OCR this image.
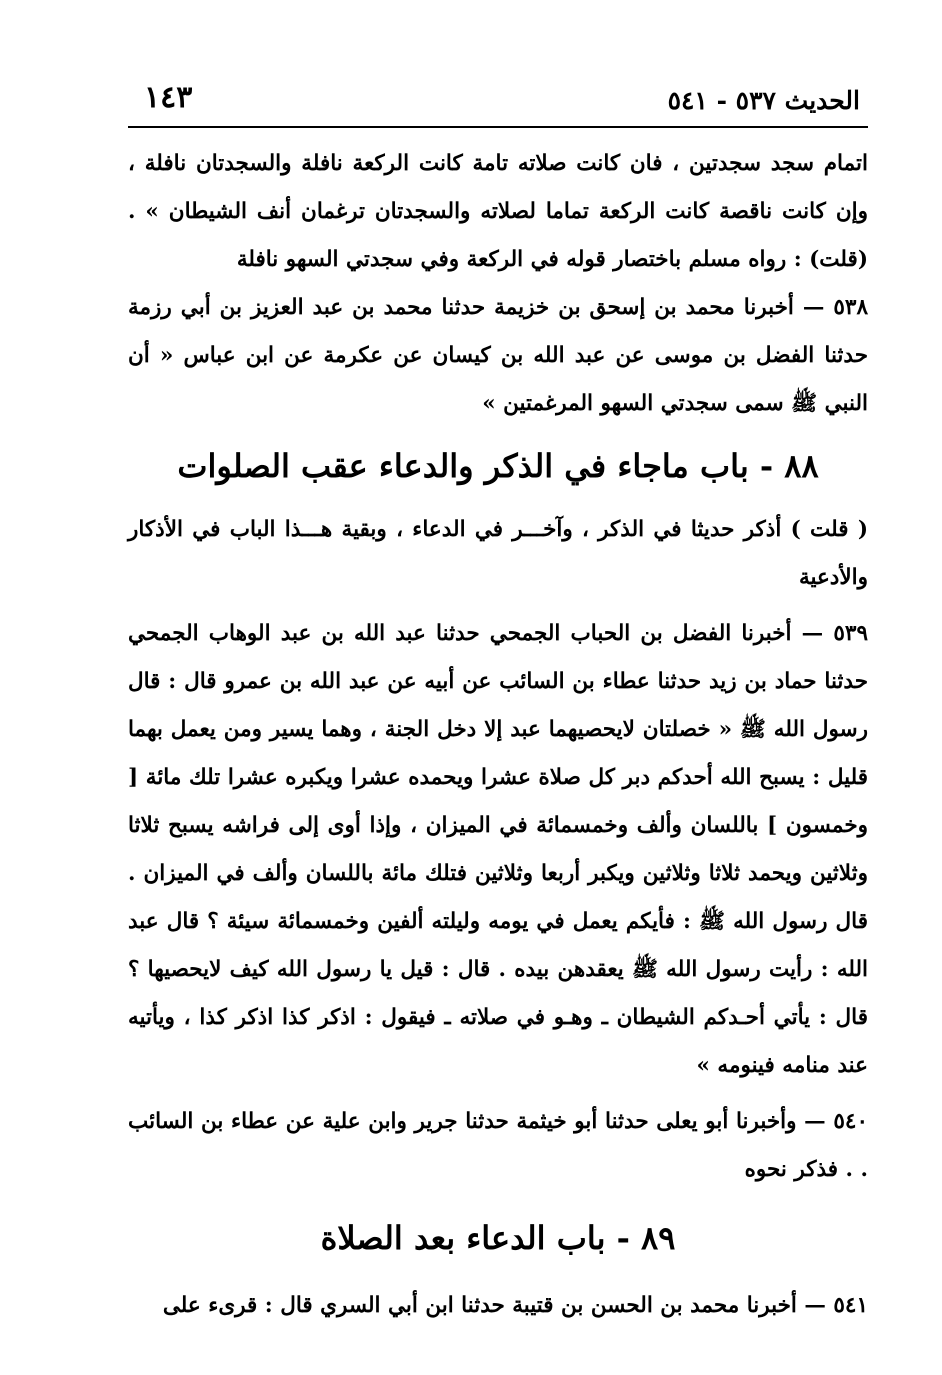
الحديث ٥٣٧ - ٥٤١
١٤٣

اتمام سجد سجدتين ، فان كانت صلاته تامة كانت الركعة نافلة والسجدتان نافلة ، وإن كانت ناقصة كانت الركعة تماما لصلاته والسجدتان ترغمان أنف الشيطان » . (قلت) : رواه مسلم باختصار قوله في الركعة وفي سجدتي السهو نافلة

٥٣٨ — أخبرنا محمد بن إسحق بن خزيمة حدثنا محمد بن عبد العزيز بن أبي رزمة حدثنا الفضل بن موسى عن عبد الله بن كيسان عن عكرمة عن ابن عباس « أن النبي ﷺ سمى سجدتي السهو المرغمتين »

٨٨ - باب ماجاء في الذكر والدعاء عقب الصلوات

( قلت ) أذكر حديثا في الذكر ، وآخـــر في الدعاء ، وبقية هـــذا الباب في الأذكار والأدعية

٥٣٩ — أخبرنا الفضل بن الحباب الجمحي حدثنا عبد الله بن عبد الوهاب الجمحي حدثنا حماد بن زيد حدثنا عطاء بن السائب عن أبيه عن عبد الله بن عمرو قال : قال رسول الله ﷺ « خصلتان لايحصيهما عبد إلا دخل الجنة ، وهما يسير ومن يعمل بهما قليل : يسبح الله أحدكم دبر كل صلاة عشرا ويحمده عشرا ويكبره عشرا تلك مائة [ وخمسون ] باللسان وألف وخمسمائة في الميزان ، وإذا أوى إلى فراشه يسبح ثلاثا وثلاثين ويحمد ثلاثا وثلاثين ويكبر أربعا وثلاثين فتلك مائة باللسان وألف في الميزان . قال رسول الله ﷺ : فأيكم يعمل في يومه وليلته ألفين وخمسمائة سيئة ؟ قال عبد الله : رأيت رسول الله ﷺ يعقدهن بيده . قال : قيل يا رسول الله كيف لايحصيها ؟ قال : يأتي أحـدكم الشيطان ـ وهـو في صلاته ـ فيقول : اذكر كذا اذكر كذا ، ويأتيه عند منامه فينومه »

٥٤٠ — وأخبرنا أبو يعلى حدثنا أبو خيثمة حدثنا جرير وابن علية عن عطاء بن السائب . . فذكر نحوه

٨٩ - باب الدعاء بعد الصلاة

٥٤١ — أخبرنا محمد بن الحسن بن قتيبة حدثنا ابن أبي السري قال : قرىء على
